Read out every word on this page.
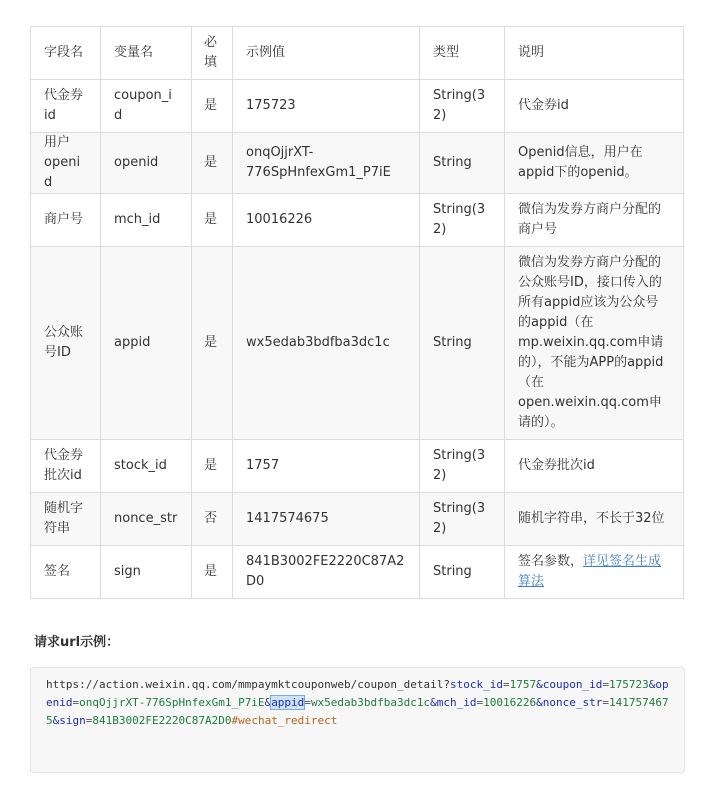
字段名	变量名	必填	示例值	类型	说明
代金券id	coupon_id	是	175723	String(32)	代金券id
用户openid	openid	是	onqOjjrXT-776SpHnfexGm1_P7iE	String	Openid信息，用户在appid下的openid。
商户号	mch_id	是	10016226	String(32)	微信为发券方商户分配的商户号
公众账号ID	appid	是	wx5edab3bdfba3dc1c	String	微信为发券方商户分配的公众账号ID，接口传入的所有appid应该为公众号的appid（在mp.weixin.qq.com申请的），不能为APP的appid（在open.weixin.qq.com申请的）。
代金券批次id	stock_id	是	1757	String(32)	代金券批次id
随机字符串	nonce_str	否	1417574675	String(32)	随机字符串，不长于32位
签名	sign	是	841B3002FE2220C87A2D0	String	签名参数，详见签名生成算法
请求url示例：
https://action.weixin.qq.com/mmpaymktcouponweb/coupon_detail?stock_id=1757&coupon_id=175723&openid=onqOjjrXT-776SpHnfexGm1_P7iE&appid=wx5edab3bdfba3dc1c&mch_id=10016226&nonce_str=1417574675&sign=841B3002FE2220C87A2D0#wechat_redirect
